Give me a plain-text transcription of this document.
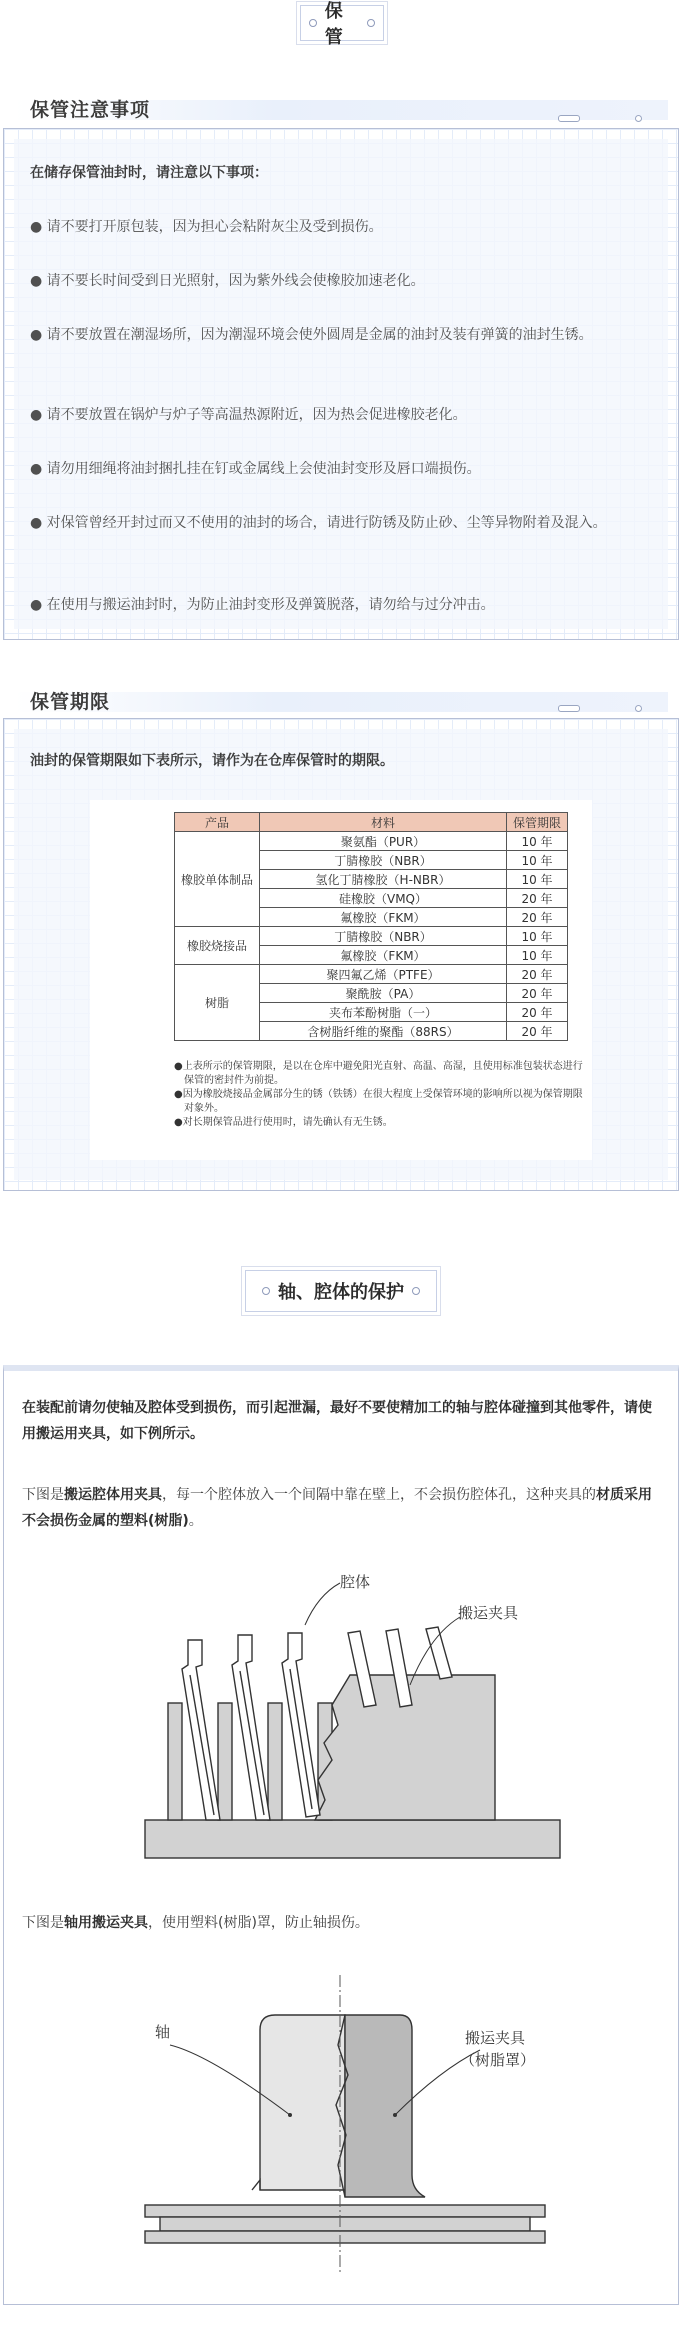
保管
保管注意事项
在储存保管油封时，请注意以下事项：
● 请不要打开原包装，因为担心会粘附灰尘及受到损伤。
● 请不要长时间受到日光照射，因为紫外线会使橡胶加速老化。
● 请不要放置在潮湿场所，因为潮湿环境会使外圆周是金属的油封及装有弹簧的油封生锈。
● 请不要放置在锅炉与炉子等高温热源附近，因为热会促进橡胶老化。
● 请勿用细绳将油封捆扎挂在钉或金属线上会使油封变形及唇口端损伤。
● 对保管曾经开封过而又不使用的油封的场合，请进行防锈及防止砂、尘等异物附着及混入。
● 在使用与搬运油封时，为防止油封变形及弹簧脱落，请勿给与过分冲击。
保管期限
油封的保管期限如下表所示，请作为在仓库保管时的期限。
产品	材料	保管期限
橡胶单体制品	聚氨酯（PUR）	10 年
	丁腈橡胶（NBR）	10 年
	氢化丁腈橡胶（H-NBR）	10 年
	硅橡胶（VMQ）	20 年
	氟橡胶（FKM）	20 年
橡胶烧接品	丁腈橡胶（NBR）	10 年
	氟橡胶（FKM）	10 年
树脂	聚四氟乙烯（PTFE）	20 年
	聚酰胺（PA）	20 年
	夹布苯酚树脂（一）	20 年
	含树脂纤维的聚酯（88RS）	20 年
●上表所示的保管期限，是以在仓库中避免阳光直射、高温、高湿，且使用标准包装状态进行保管的密封件为前提。
●因为橡胶烧接品金属部分生的锈（铁锈）在很大程度上受保管环境的影响所以视为保管期限对象外。
●对长期保管品进行使用时，请先确认有无生锈。
轴、腔体的保护
在装配前请勿使轴及腔体受到损伤，而引起泄漏，最好不要使精加工的轴与腔体碰撞到其他零件，请使用搬运用夹具，如下例所示。
下图是搬运腔体用夹具，每一个腔体放入一个间隔中靠在壁上，不会损伤腔体孔，这种夹具的材质采用不会损伤金属的塑料(树脂)。
腔体
搬运夹具
下图是轴用搬运夹具，使用塑料(树脂)罩，防止轴损伤。
轴	搬运夹具
（树脂罩）
